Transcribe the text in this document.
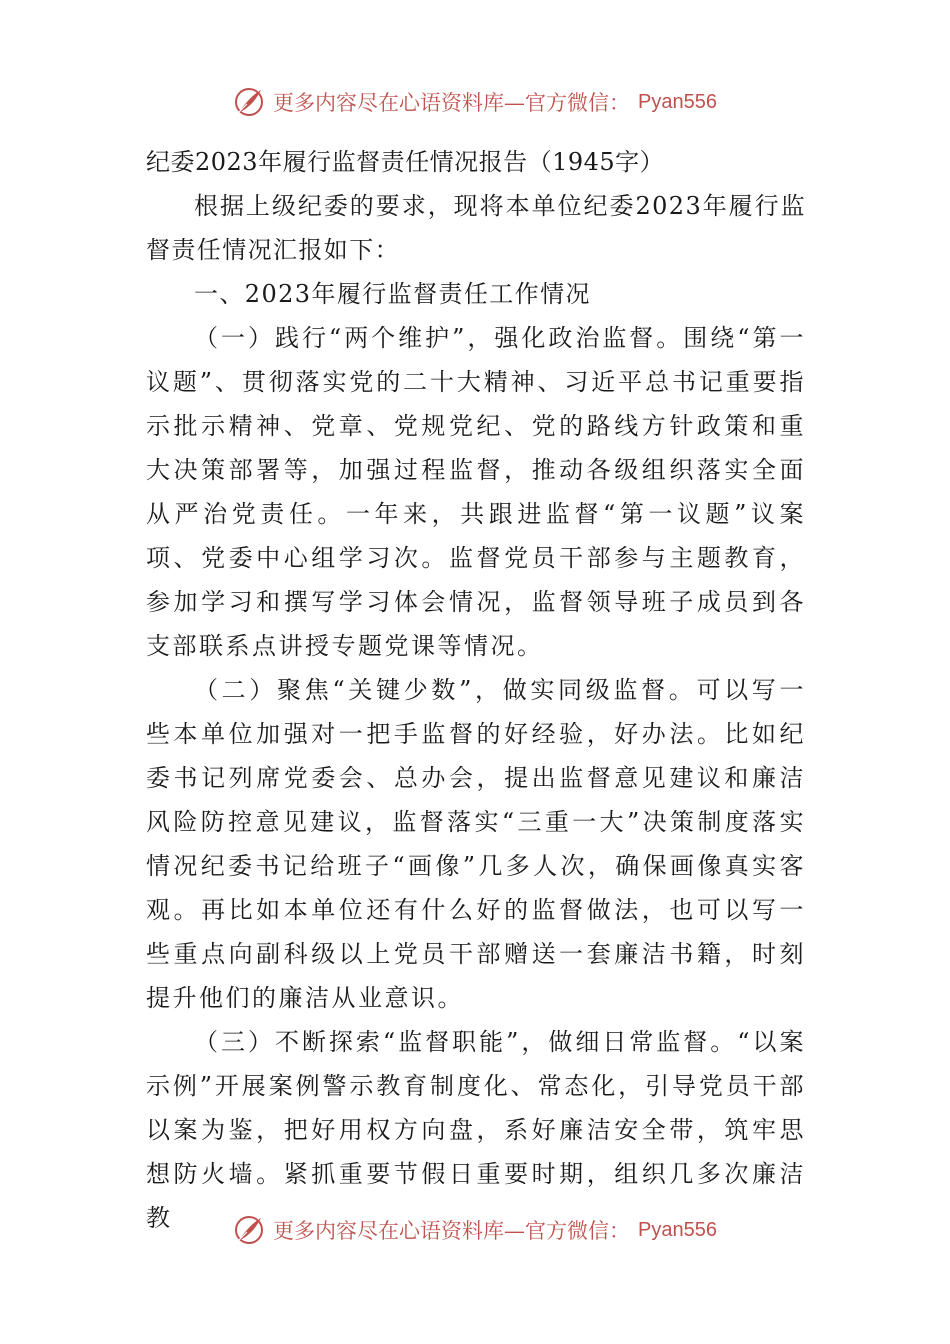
更多内容尽在心语资料库—官方微信： Pyan556

纪委2023年履行监督责任情况报告（1945字）

根据上级纪委的要求，现将本单位纪委2023年履行监督责任情况汇报如下：

一、2023年履行监督责任工作情况

（一）践行“两个维护”，强化政治监督。围绕“第一议题”、贯彻落实党的二十大精神、习近平总书记重要指示批示精神、党章、党规党纪、党的路线方针政策和重大决策部署等，加强过程监督，推动各级组织落实全面从严治党责任。一年来，共跟进监督“第一议题”议案项、党委中心组学习次。监督党员干部参与主题教育，参加学习和撰写学习体会情况，监督领导班子成员到各支部联系点讲授专题党课等情况。

（二）聚焦“关键少数”，做实同级监督。可以写一些本单位加强对一把手监督的好经验，好办法。比如纪委书记列席党委会、总办会，提出监督意见建议和廉洁风险防控意见建议，监督落实“三重一大”决策制度落实情况纪委书记给班子“画像”几多人次，确保画像真实客观。再比如本单位还有什么好的监督做法，也可以写一些重点向副科级以上党员干部赠送一套廉洁书籍，时刻提升他们的廉洁从业意识。

（三）不断探索“监督职能”，做细日常监督。“以案示例”开展案例警示教育制度化、常态化，引导党员干部以案为鉴，把好用权方向盘，系好廉洁安全带，筑牢思想防火墙。紧抓重要节假日重要时期，组织几多次廉洁教	更多内容尽在心语资料库—官方微信： Pyan556
